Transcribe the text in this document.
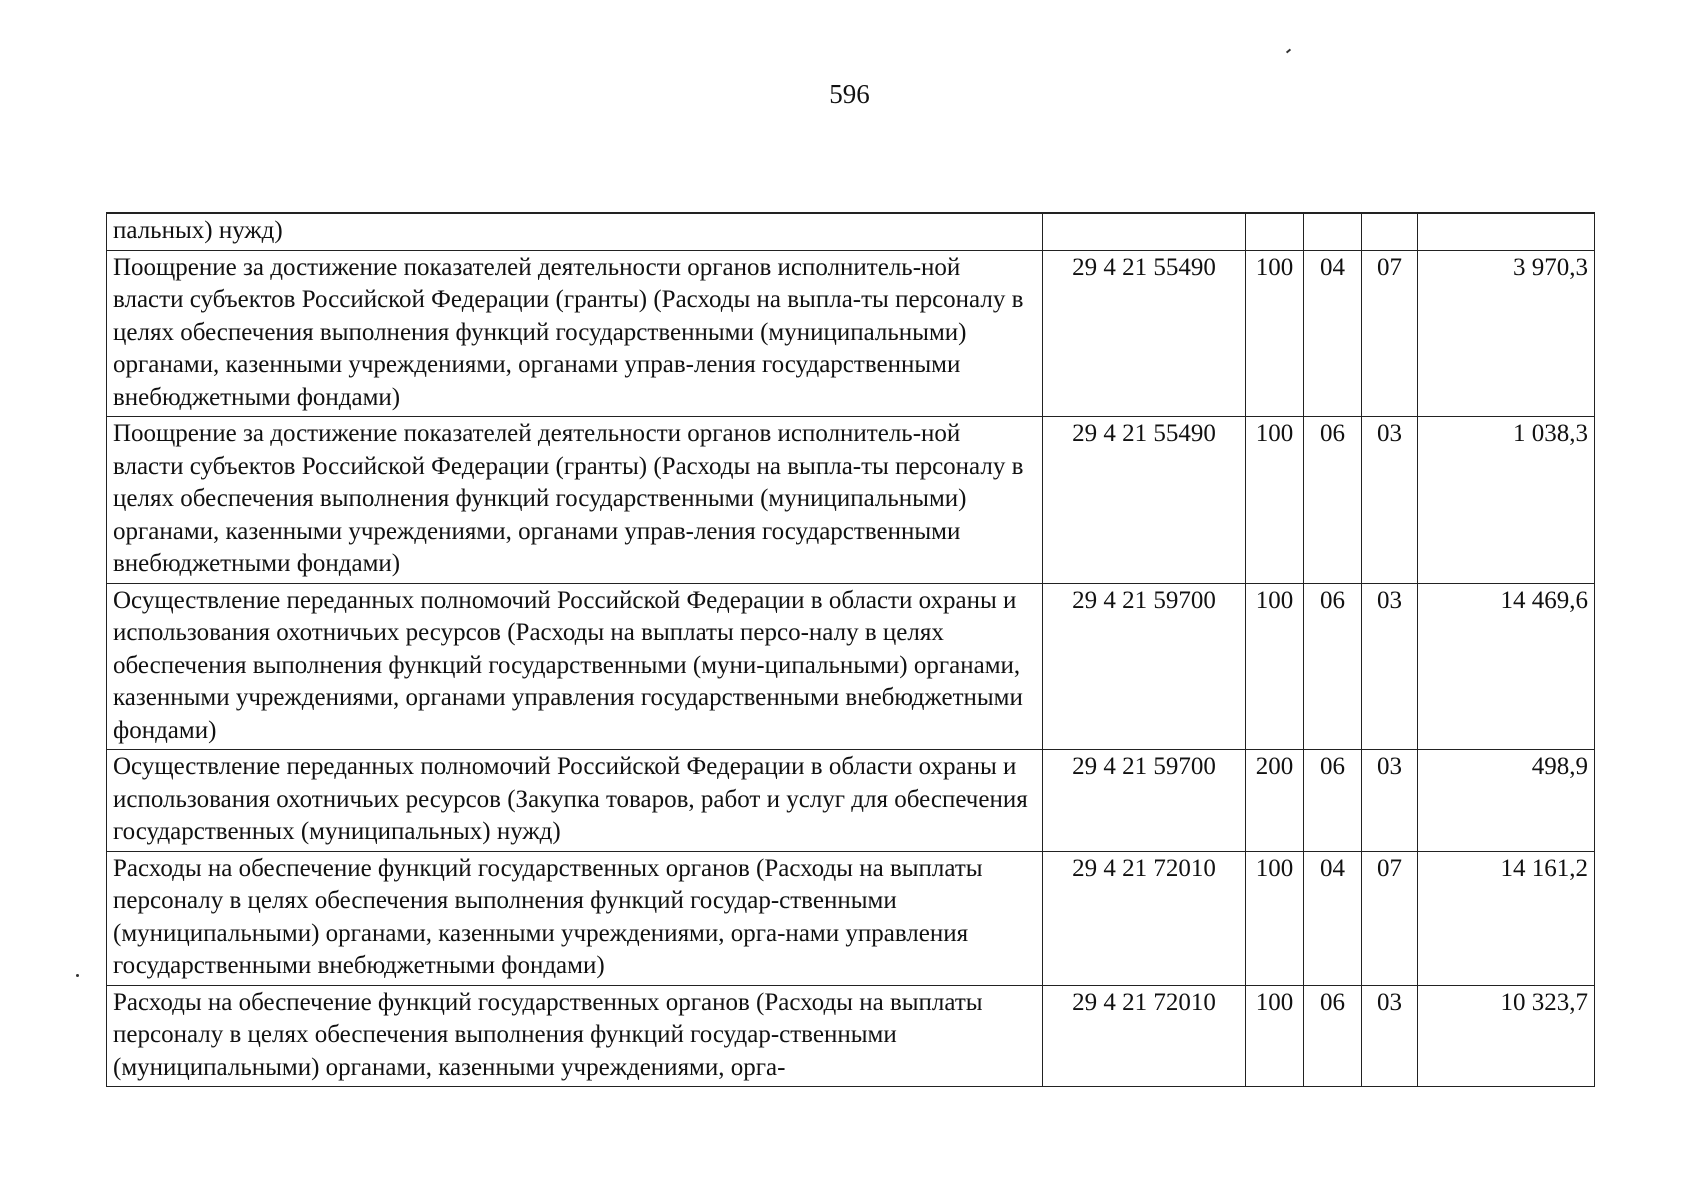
596
пальных) нужд)					
Поощрение за достижение показателей деятельности органов исполнитель-ной власти субъектов Российской Федерации (гранты) (Расходы на выпла-ты персоналу в целях обеспечения выполнения функций государственными (муниципальными) органами, казенными учреждениями, органами управ-ления государственными внебюджетными фондами)	29 4 21 55490	100	04	07	3 970,3
Поощрение за достижение показателей деятельности органов исполнитель-ной власти субъектов Российской Федерации (гранты) (Расходы на выпла-ты персоналу в целях обеспечения выполнения функций государственными (муниципальными) органами, казенными учреждениями, органами управ-ления государственными внебюджетными фондами)	29 4 21 55490	100	06	03	1 038,3
Осуществление переданных полномочий Российской Федерации в области охраны и использования охотничьих ресурсов (Расходы на выплаты персо-налу в целях обеспечения выполнения функций государственными (муни-ципальными) органами, казенными учреждениями, органами управления государственными внебюджетными фондами)	29 4 21 59700	100	06	03	14 469,6
Осуществление переданных полномочий Российской Федерации в области охраны и использования охотничьих ресурсов (Закупка товаров, работ и услуг для обеспечения государственных (муниципальных) нужд)	29 4 21 59700	200	06	03	498,9
Расходы на обеспечение функций государственных органов (Расходы на выплаты персоналу в целях обеспечения выполнения функций государ-ственными (муниципальными) органами, казенными учреждениями, орга-нами управления государственными внебюджетными фондами)	29 4 21 72010	100	04	07	14 161,2
Расходы на обеспечение функций государственных органов (Расходы на выплаты персоналу в целях обеспечения выполнения функций государ-ственными (муниципальными) органами, казенными учреждениями, орга-	29 4 21 72010	100	06	03	10 323,7
